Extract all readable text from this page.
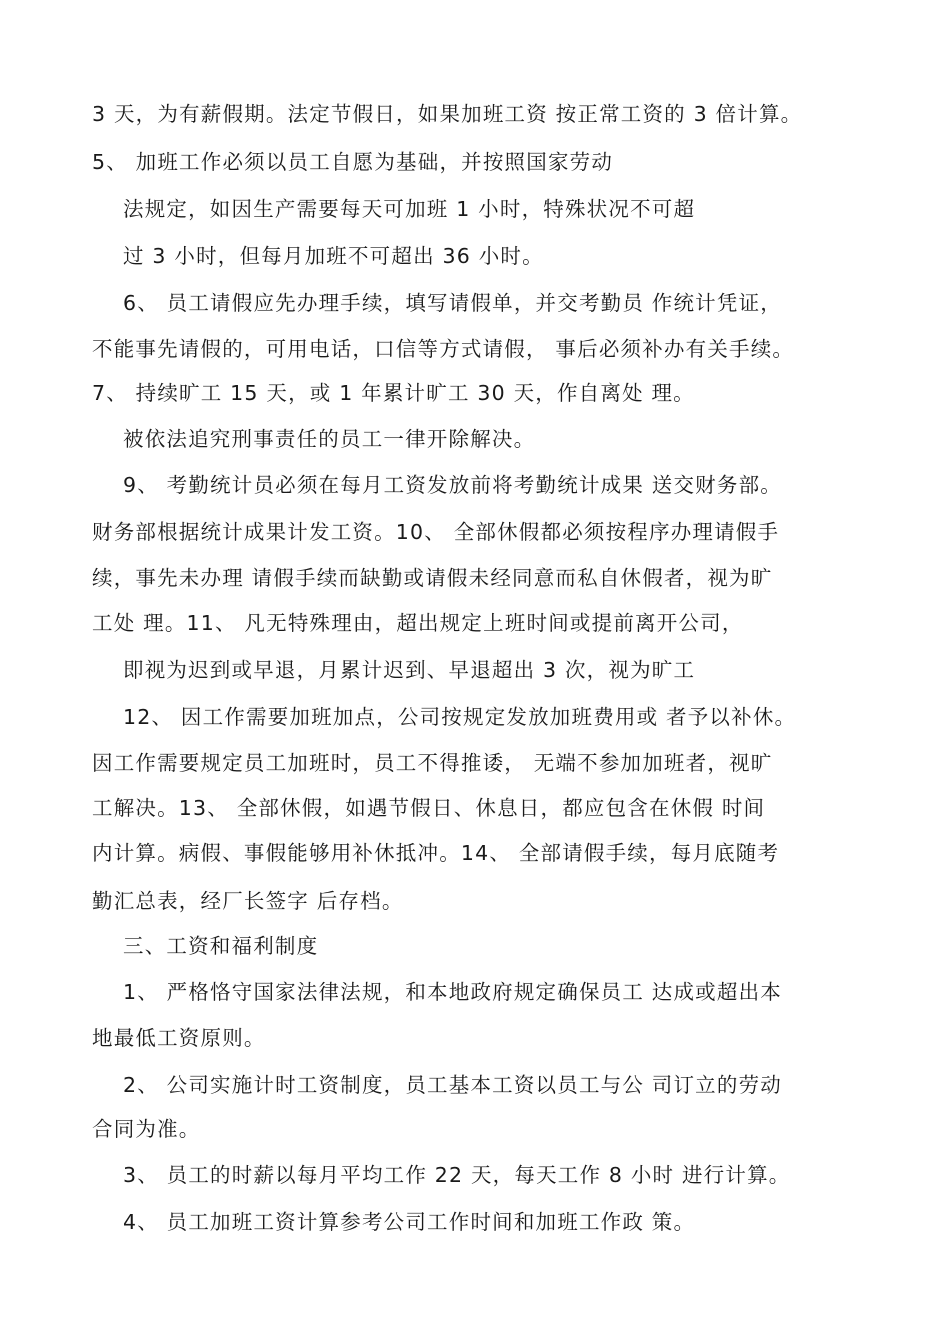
3 天，为有薪假期。法定节假日，如果加班工资 按正常工资的 3 倍计算。
5、 加班工作必须以员工自愿为基础，并按照国家劳动
法规定，如因生产需要每天可加班 1 小时，特殊状况不可超
过 3 小时，但每月加班不可超出 36 小时。
6、 员工请假应先办理手续，填写请假单，并交考勤员 作统计凭证，
不能事先请假的，可用电话，口信等方式请假， 事后必须补办有关手续。
7、 持续旷工 15 天，或 1 年累计旷工 30 天，作自离处 理。
被依法追究刑事责任的员工一律开除解决。
9、 考勤统计员必须在每月工资发放前将考勤统计成果 送交财务部。
财务部根据统计成果计发工资。10、 全部休假都必须按程序办理请假手
续，事先未办理 请假手续而缺勤或请假未经同意而私自休假者，视为旷
工处 理。11、 凡无特殊理由，超出规定上班时间或提前离开公司，
即视为迟到或早退，月累计迟到、早退超出 3 次，视为旷工
12、 因工作需要加班加点，公司按规定发放加班费用或 者予以补休。
因工作需要规定员工加班时，员工不得推诿， 无端不参加加班者，视旷
工解决。13、 全部休假，如遇节假日、休息日，都应包含在休假 时间
内计算。病假、事假能够用补休抵冲。14、 全部请假手续，每月底随考
勤汇总表，经厂长签字 后存档。
三、工资和福利制度
1、 严格恪守国家法律法规，和本地政府规定确保员工 达成或超出本
地最低工资原则。
2、 公司实施计时工资制度，员工基本工资以员工与公 司订立的劳动
合同为准。
3、 员工的时薪以每月平均工作 22 天，每天工作 8 小时 进行计算。
4、 员工加班工资计算参考公司工作时间和加班工作政 策。
